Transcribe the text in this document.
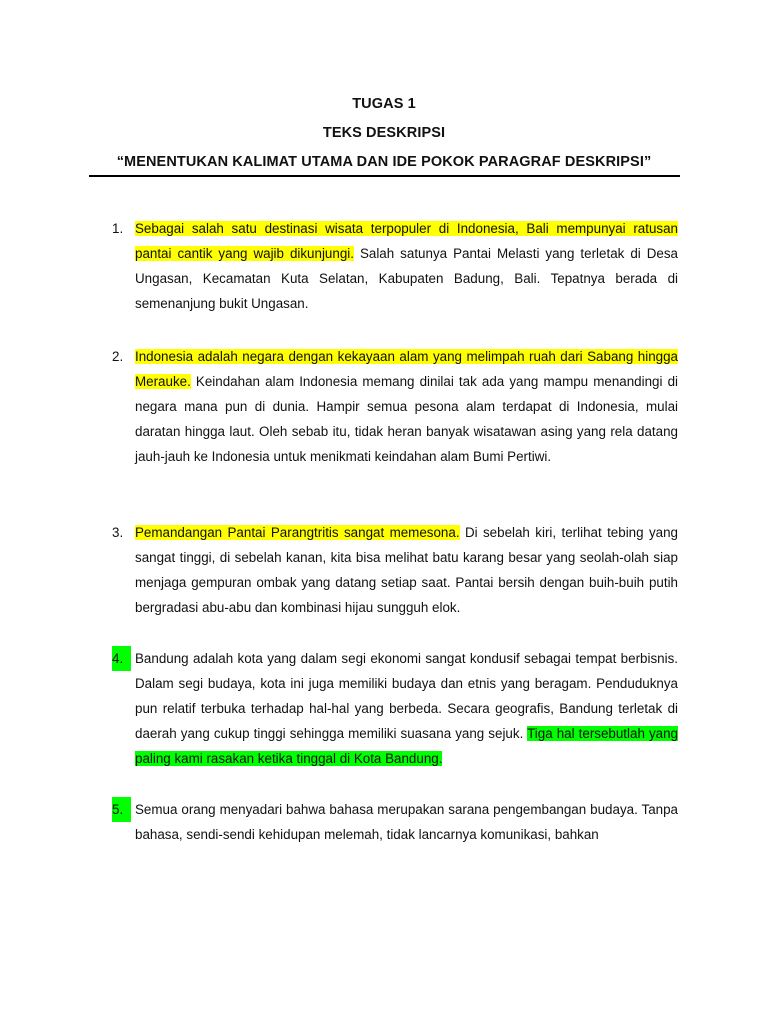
TUGAS 1
TEKS DESKRIPSI
“MENENTUKAN KALIMAT UTAMA DAN IDE POKOK PARAGRAF DESKRIPSI”
1. Sebagai salah satu destinasi wisata terpopuler di Indonesia, Bali mempunyai ratusan pantai cantik yang wajib dikunjungi. Salah satunya Pantai Melasti yang terletak di Desa Ungasan, Kecamatan Kuta Selatan, Kabupaten Badung, Bali. Tepatnya berada di semenanjung bukit Ungasan.
2. Indonesia adalah negara dengan kekayaan alam yang melimpah ruah dari Sabang hingga Merauke. Keindahan alam Indonesia memang dinilai tak ada yang mampu menandingi di negara mana pun di dunia. Hampir semua pesona alam terdapat di Indonesia, mulai daratan hingga laut. Oleh sebab itu, tidak heran banyak wisatawan asing yang rela datang jauh-jauh ke Indonesia untuk menikmati keindahan alam Bumi Pertiwi.
3. Pemandangan Pantai Parangtritis sangat memesona. Di sebelah kiri, terlihat tebing yang sangat tinggi, di sebelah kanan, kita bisa melihat batu karang besar yang seolah-olah siap menjaga gempuran ombak yang datang setiap saat. Pantai bersih dengan buih-buih putih bergradasi abu-abu dan kombinasi hijau sungguh elok.
4. Bandung adalah kota yang dalam segi ekonomi sangat kondusif sebagai tempat berbisnis. Dalam segi budaya, kota ini juga memiliki budaya dan etnis yang beragam. Penduduknya pun relatif terbuka terhadap hal-hal yang berbeda. Secara geografis, Bandung terletak di daerah yang cukup tinggi sehingga memiliki suasana yang sejuk. Tiga hal tersebutlah yang paling kami rasakan ketika tinggal di Kota Bandung.
5. Semua orang menyadari bahwa bahasa merupakan sarana pengembangan budaya. Tanpa bahasa, sendi-sendi kehidupan melemah, tidak lancarnya komunikasi, bahkan
